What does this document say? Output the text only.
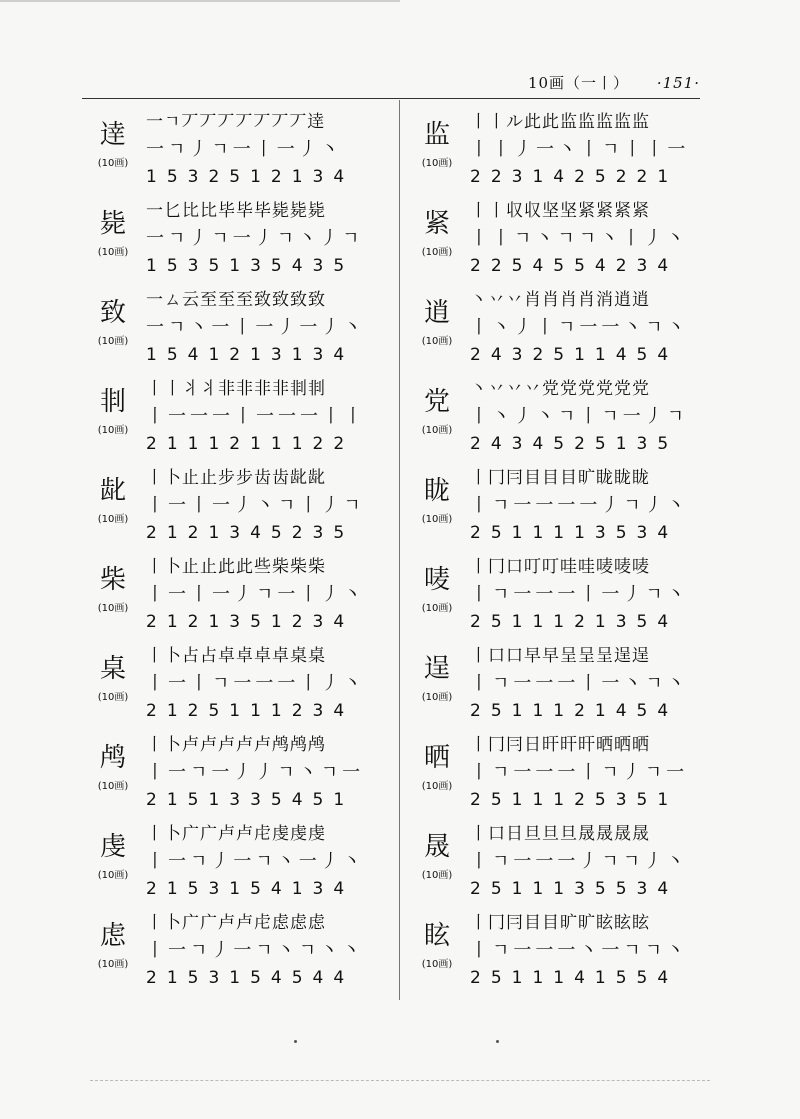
10画（一丨） ·151·
逹
(10画)
一ㄱ丆丆丆丆丆丆丆逹
一ㄱ丿ㄱ一丨一丿丶
1532512134
毙
(10画)
一匕比比毕毕毕毙毙毙
一ㄱ丿ㄱ一丿ㄱ丶丿ㄱ
1535135435
致
(10画)
一ㄙ云至至至致致致致
一ㄱ丶一丨一丿一丿丶
1541213134
剕
(10画)
丨丨丬丬非非非非剕剕
丨一一一丨一一一丨丨
2111211122
龀
(10画)
丨卜止止步步齿齿龀龀
丨一丨一丿丶ㄱ丨丿ㄱ
2121345235
柴
(10画)
丨卜止止此此些柴柴柴
丨一丨一丿ㄱ一丨丿丶
2121351234
桌
(10画)
丨卜占占卓卓卓卓桌桌
丨一丨ㄱ一一一丨丿丶
2125111234
鸬
(10画)
丨卜卢卢卢卢卢鸬鸬鸬
丨一ㄱ一丿丿ㄱ丶ㄱ一
2151335451
虔
(10画)
丨卜广广卢卢虍虔虔虔
丨一ㄱ丿一ㄱ丶一丿丶
2153154134
虑
(10画)
丨卜广广卢卢虍虑虑虑
丨一ㄱ丿一ㄱ丶ㄱ丶丶
2153154544
监
(10画)
丨丨ル此此监监监监监
丨丨丿一丶丨ㄱ丨丨一
2231425221
紧
(10画)
丨丨収収坚坚紧紧紧紧
丨丨ㄱ丶ㄱㄱ丶丨丿丶
2254554234
逍
(10画)
丶丷丷肖肖肖肖消逍逍
丨丶丿丨ㄱ一一丶ㄱ丶
2432511454
党
(10画)
丶丷丷丷党党党党党党
丨丶丿丶ㄱ丨ㄱ一丿ㄱ
2434525135
眬
(10画)
丨冂冃目目目旷眬眬眬
丨ㄱ一一一一丿ㄱ丿丶
2511113534
唛
(10画)
丨冂口叮叮哇哇唛唛唛
丨ㄱ一一一丨一丿ㄱ丶
2511121354
逞
(10画)
丨口口早早呈呈呈逞逞
丨ㄱ一一一丨一丶ㄱ丶
2511121454
晒
(10画)
丨冂冃日旰旰旰晒晒晒
丨ㄱ一一一丨ㄱ丿ㄱ一
2511125351
晟
(10画)
丨口日旦旦旦晟晟晟晟
丨ㄱ一一一丿ㄱㄱ丿丶
2511135534
眩
(10画)
丨冂冃目目旷旷眩眩眩
丨ㄱ一一一丶一ㄱㄱ丶
2511141554
